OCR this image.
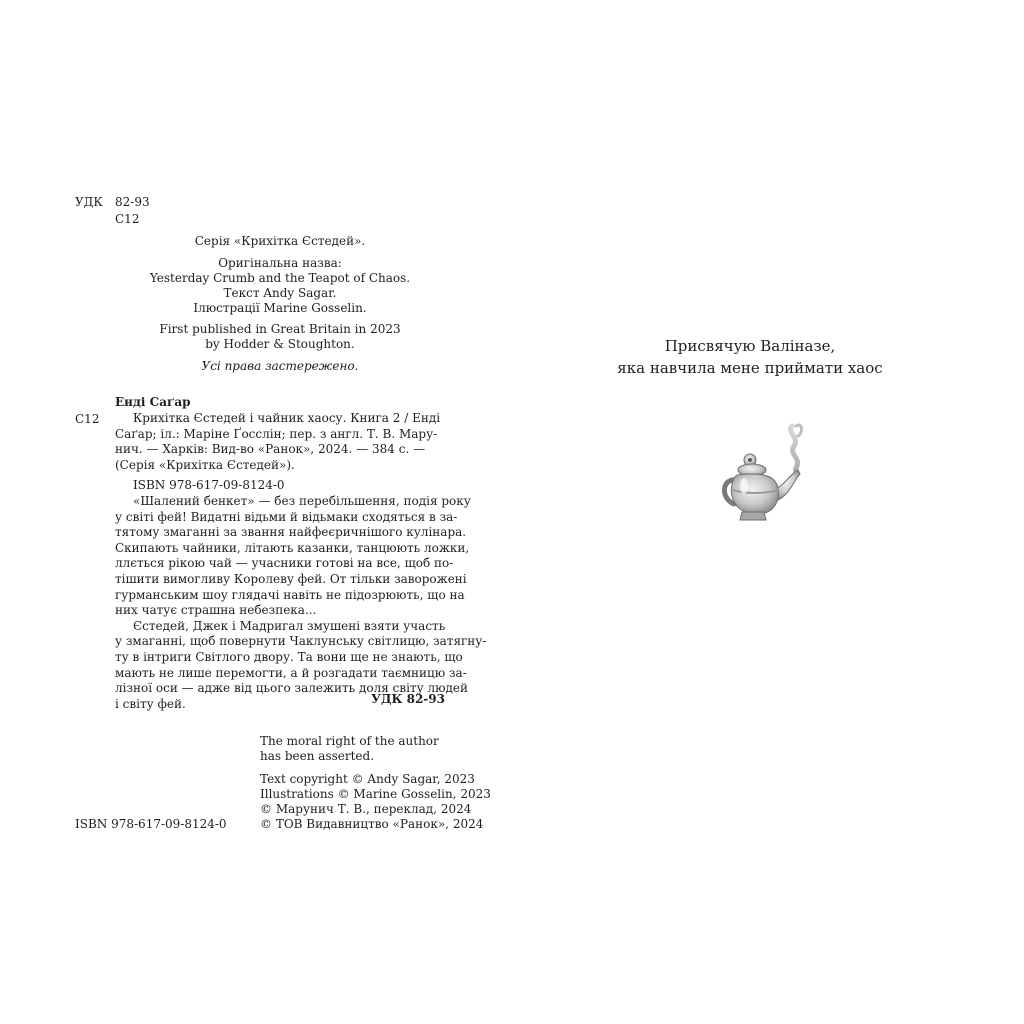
УДК 82-93
С12
Серія «Крихітка Єстедей».
Оригінальна назва:
Yesterday Crumb and the Teapot of Chaos.
Текст Andy Sagar.
Ілюстрації Marine Gosselin.
First published in Great Britain in 2023
by Hodder & Stoughton.
Усі права застережено.
Енді Саґар
С12	Крихітка Єстедей і чайник хаосу. Книга 2 / Енді

Саґар; іл.: Маріне Ґосслін; пер. з англ. Т. В. Мару-

нич. — Харків: Вид-во «Ранок», 2024. — 384 с. —

(Серія «Крихітка Єстедей»).

ISBN 978-617-09-8124-0

«Шалений бенкет» — без перебільшення, подія року

у світі фей! Видатні відьми й відьмаки сходяться в за-

тятому змаганні за звання найфеєричнішого кулінара.

Скипають чайники, літають казанки, танцюють ложки,

ллється рікою чай — учасники готові на все, щоб по-

тішити вимогливу Королеву фей. От тільки заворожені

гурманським шоу глядачі навіть не підозрюють, що на

них чатує страшна небезпека...

Єстедей, Джек і Мадригал змушені взяти участь

у змаганні, щоб повернути Чаклунську світлицю, затягну-

ту в інтриги Світлого двору. Та вони ще не знають, що

мають не лише перемогти, а й розгадати таємницю за-

лізної оси — адже від цього залежить доля світу людей

і світу фей.	УДК 82-93
The moral right of the author
has been asserted.
Text copyright © Andy Sagar, 2023
Illustrations © Marine Gosselin, 2023
© Марунич Т. В., переклад, 2024
© ТОВ Видавництво «Ранок», 2024
ISBN 978-617-09-8124-0
Присвячую Валіназе,
яка навчила мене приймати хаос
